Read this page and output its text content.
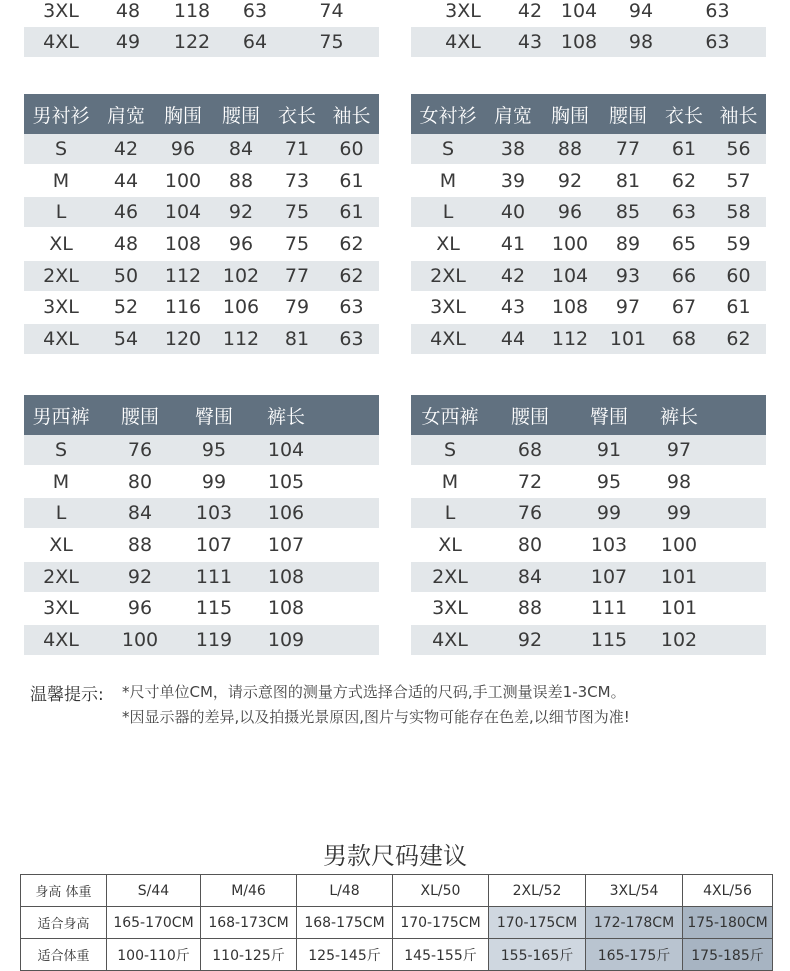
3XL	48	118	63	74
4XL	49	122	64	75
3XL	42	104	94	63
4XL	43	108	98	63
男衬衫	肩宽	胸围	腰围	衣长	袖长
S	42	96	84	71	60
M	44	100	88	73	61
L	46	104	92	75	61
XL	48	108	96	75	62
2XL	50	112	102	77	62
3XL	52	116	106	79	63
4XL	54	120	112	81	63
女衬衫	肩宽	胸围	腰围	衣长	袖长
S	38	88	77	61	56
M	39	92	81	62	57
L	40	96	85	63	58
XL	41	100	89	65	59
2XL	42	104	93	66	60
3XL	43	108	97	67	61
4XL	44	112	101	68	62
男西裤	腰围	臀围	裤长	
S	76	95	104	
M	80	99	105	
L	84	103	106	
XL	88	107	107	
2XL	92	111	108	
3XL	96	115	108	
4XL	100	119	109	
女西裤	腰围	臀围	裤长	
S	68	91	97	
M	72	95	98	
L	76	99	99	
XL	80	103	100	
2XL	84	107	101	
3XL	88	111	101	
4XL	92	115	102	
温馨提示:	*尺寸单位CM，请示意图的测量方式选择合适的尺码,手工测量误差1-3CM。
*因显示器的差异,以及拍摄光景原因,图片与实物可能存在色差,以细节图为准!
男款尺码建议
身高 体重	S/44	M/46	L/48	XL/50	2XL/52	3XL/54	4XL/56
适合身高	165-170CM	168-173CM	168-175CM	170-175CM	170-175CM	172-178CM	175-180CM
适合体重	100-110斤	110-125斤	125-145斤	145-155斤	155-165斤	165-175斤	175-185斤
